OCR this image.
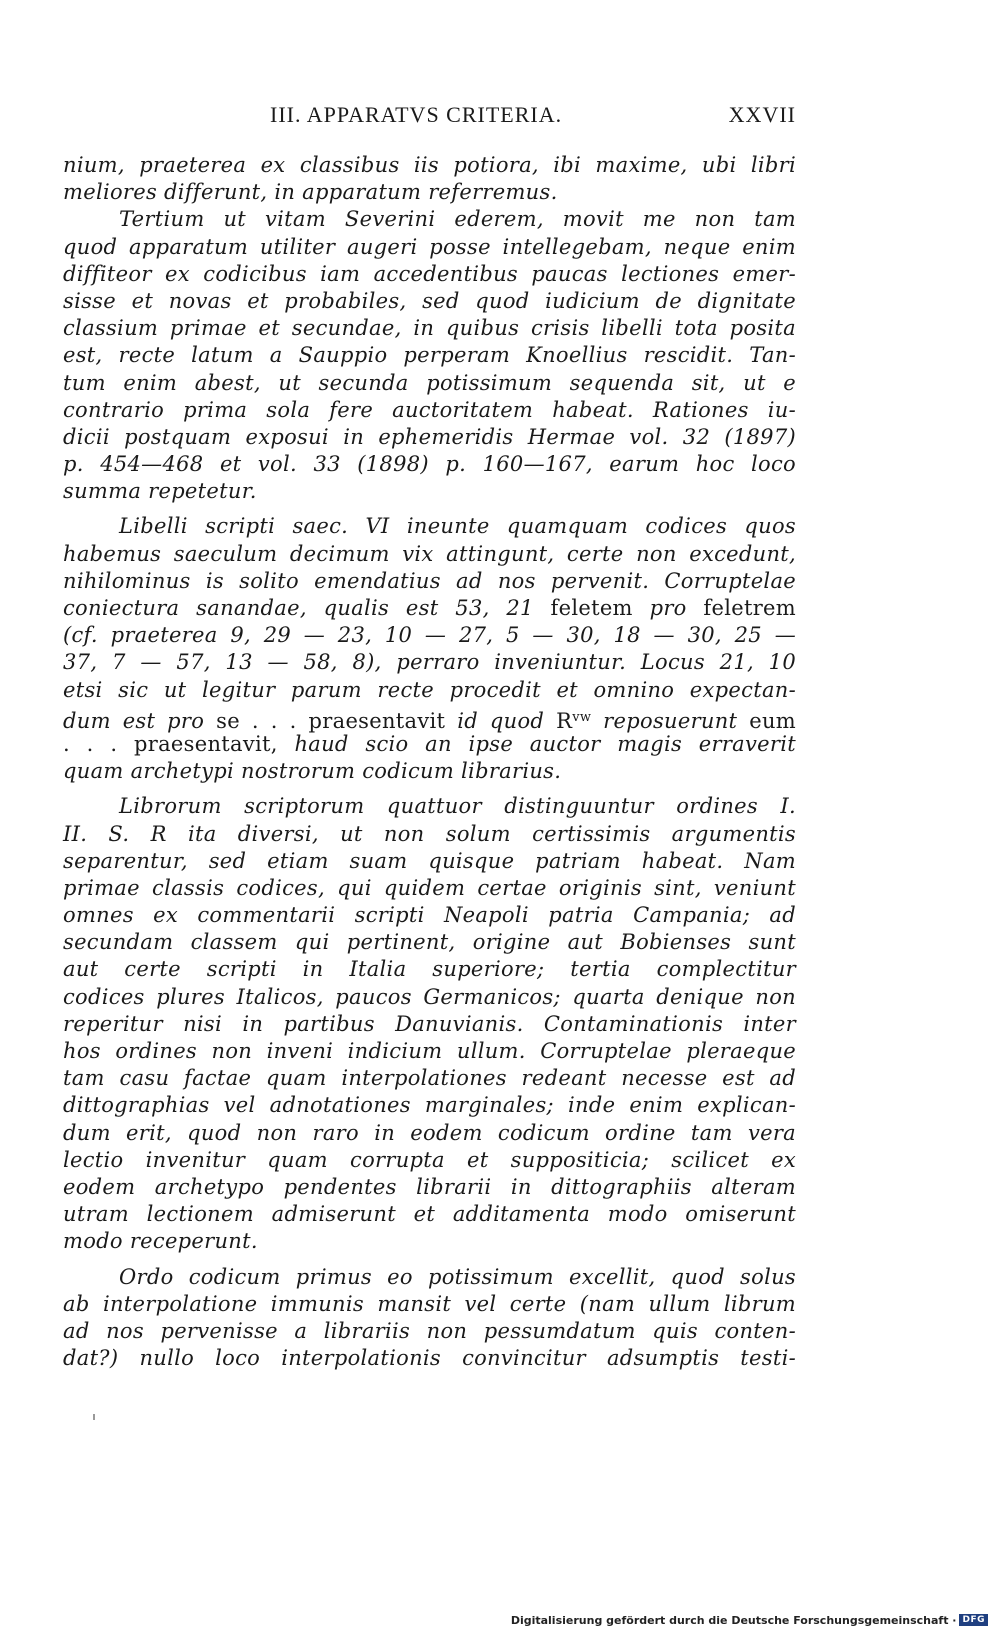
III. APPARATVS CRITERIA.	XXVII
nium, praeterea ex classibus iis potiora, ibi maxime, ubi libri
meliores differunt, in apparatum referremus.
Tertium ut vitam Severini ederem, movit me non tam
quod apparatum utiliter augeri posse intellegebam, neque enim
diffiteor ex codicibus iam accedentibus paucas lectiones emer-
sisse et novas et probabiles, sed quod iudicium de dignitate
classium primae et secundae, in quibus crisis libelli tota posita
est, recte latum a Sauppio perperam Knoellius rescidit. Tan-
tum enim abest, ut secunda potissimum sequenda sit, ut e
contrario prima sola fere auctoritatem habeat. Rationes iu-
dicii postquam exposui in ephemeridis Hermae vol. 32 (1897)
p. 454—468 et vol. 33 (1898) p. 160—167, earum hoc loco
summa repetetur.
Libelli scripti saec. VI ineunte quamquam codices quos
habemus saeculum decimum vix attingunt, certe non excedunt,
nihilominus is solito emendatius ad nos pervenit. Corruptelae
coniectura sanandae, qualis est 53, 21 feletem pro feletrem
(cf. praeterea 9, 29 — 23, 10 — 27, 5 — 30, 18 — 30, 25 —
37, 7 — 57, 13 — 58, 8), perraro inveniuntur. Locus 21, 10
etsi sic ut legitur parum recte procedit et omnino expectan-
dum est pro se . . . praesentavit id quod $R^{vw}$ reposuerunt eum
. . . praesentavit, haud scio an ipse auctor magis erraverit
quam archetypi nostrorum codicum librarius.
Librorum scriptorum quattuor distinguuntur ordines I.
II. S. R ita diversi, ut non solum certissimis argumentis
separentur, sed etiam suam quisque patriam habeat. Nam
primae classis codices, qui quidem certae originis sint, veniunt
omnes ex commentarii scripti Neapoli patria Campania; ad
secundam classem qui pertinent, origine aut Bobienses sunt
aut certe scripti in Italia superiore; tertia complectitur
codices plures Italicos, paucos Germanicos; quarta denique non
reperitur nisi in partibus Danuvianis. Contaminationis inter
hos ordines non inveni indicium ullum. Corruptelae pleraeque
tam casu factae quam interpolationes redeant necesse est ad
dittographias vel adnotationes marginales; inde enim explican-
dum erit, quod non raro in eodem codicum ordine tam vera
lectio invenitur quam corrupta et suppositicia; scilicet ex
eodem archetypo pendentes librarii in dittographiis alteram
utram lectionem admiserunt et additamenta modo omiserunt
modo receperunt.
Ordo codicum primus eo potissimum excellit, quod solus
ab interpolatione immunis mansit vel certe (nam ullum librum
ad nos pervenisse a librariis non pessumdatum quis conten-
dat?) nullo loco interpolationis convincitur adsumptis testi-
Digitalisierung gefördert durch die Deutsche Forschungsgemeinschaft · DFG
